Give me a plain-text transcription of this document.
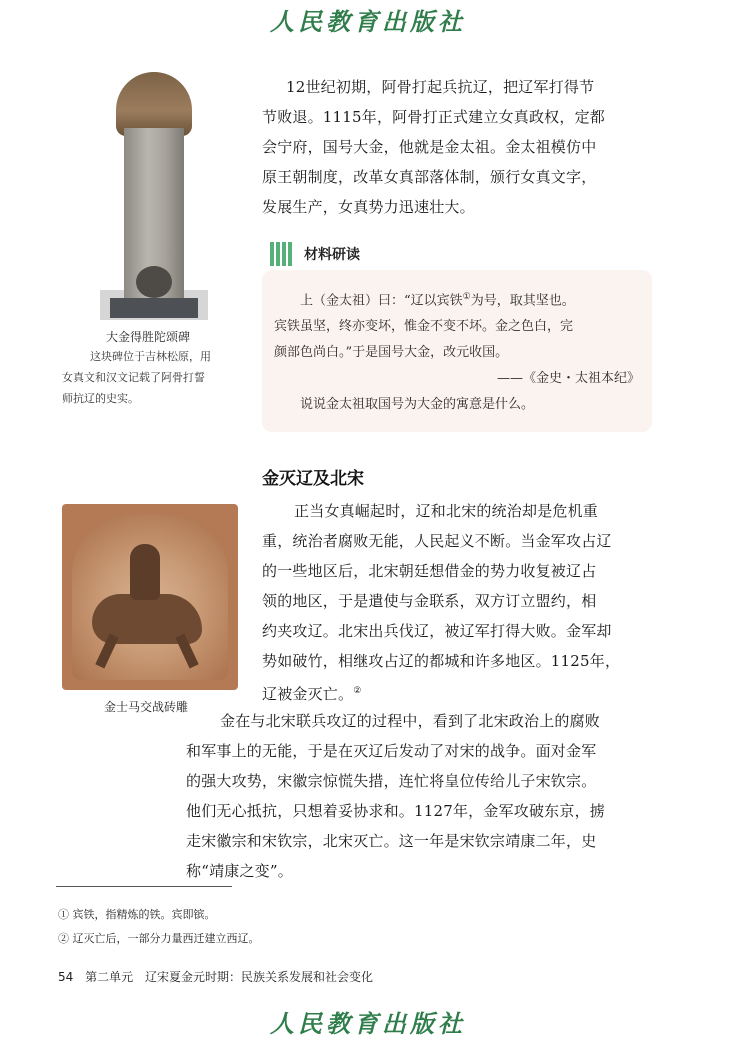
人民教育出版社
大金得胜陀颂碑
这块碑位于吉林松原，用
女真文和汉文记载了阿骨打誓
师抗辽的史实。
12世纪初期，阿骨打起兵抗辽，把辽军打得节
节败退。1115年，阿骨打正式建立女真政权，定都
会宁府，国号大金，他就是金太祖。金太祖模仿中
原王朝制度，改革女真部落体制，颁行女真文字，
发展生产，女真势力迅速壮大。
材料研读
上（金太祖）曰：“辽以宾铁①为号，取其坚也。
宾铁虽坚，终亦变坏，惟金不变不坏。金之色白，完
颜部色尚白。”于是国号大金，改元收国。
——《金史・太祖本纪》
说说金太祖取国号为大金的寓意是什么。
金灭辽及北宋
金士马交战砖雕
正当女真崛起时，辽和北宋的统治却是危机重
重，统治者腐败无能，人民起义不断。当金军攻占辽
的一些地区后，北宋朝廷想借金的势力收复被辽占
领的地区，于是遣使与金联系，双方订立盟约，相
约夹攻辽。北宋出兵伐辽，被辽军打得大败。金军却
势如破竹，相继攻占辽的都城和许多地区。1125年，
辽被金灭亡。②
金在与北宋联兵攻辽的过程中，看到了北宋政治上的腐败
和军事上的无能，于是在灭辽后发动了对宋的战争。面对金军
的强大攻势，宋徽宗惊慌失措，连忙将皇位传给儿子宋钦宗。
他们无心抵抗，只想着妥协求和。1127年，金军攻破东京，掳
走宋徽宗和宋钦宗，北宋灭亡。这一年是宋钦宗靖康二年，史
称“靖康之变”。
① 宾铁，指精炼的铁。宾即镔。
② 辽灭亡后，一部分力量西迁建立西辽。
54 第二单元 辽宋夏金元时期：民族关系发展和社会变化
人民教育出版社
